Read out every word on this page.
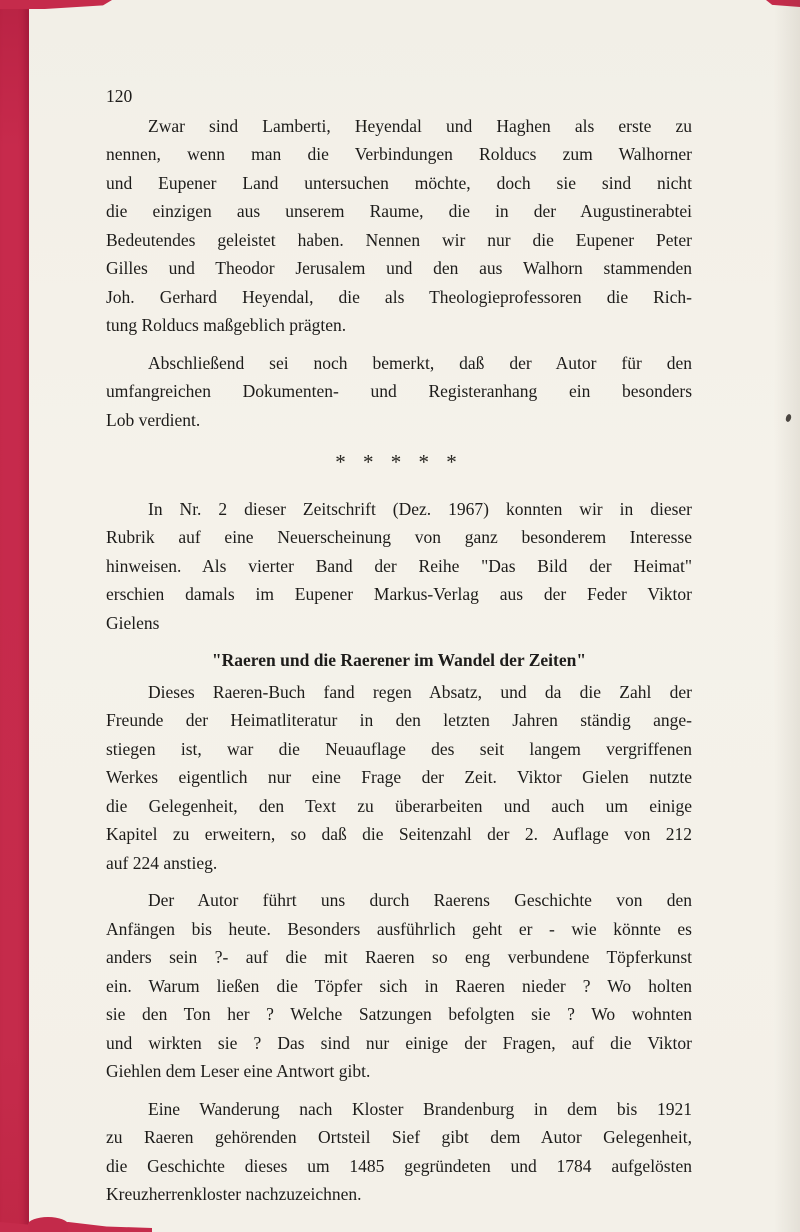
120
Zwar sind Lamberti, Heyendal und Haghen als erste zu
nennen, wenn man die Verbindungen Rolducs zum Walhorner
und Eupener Land untersuchen möchte, doch sie sind nicht
die einzigen aus unserem Raume, die in der Augustinerabtei
Bedeutendes geleistet haben. Nennen wir nur die Eupener Peter
Gilles und Theodor Jerusalem und den aus Walhorn stammenden
Joh. Gerhard Heyendal, die als Theologieprofessoren die Rich-
tung Rolducs maßgeblich prägten.
Abschließend sei noch bemerkt, daß der Autor für den
umfangreichen Dokumenten- und Registeranhang ein besonders
Lob verdient.
* * * * *
In Nr. 2 dieser Zeitschrift (Dez. 1967) konnten wir in dieser
Rubrik auf eine Neuerscheinung von ganz besonderem Interesse
hinweisen. Als vierter Band der Reihe "Das Bild der Heimat"
erschien damals im Eupener Markus-Verlag aus der Feder Viktor
Gielens
"Raeren und die Raerener im Wandel der Zeiten"
Dieses Raeren-Buch fand regen Absatz, und da die Zahl der
Freunde der Heimatliteratur in den letzten Jahren ständig ange-
stiegen ist, war die Neuauflage des seit langem vergriffenen
Werkes eigentlich nur eine Frage der Zeit. Viktor Gielen nutzte
die Gelegenheit, den Text zu überarbeiten und auch um einige
Kapitel zu erweitern, so daß die Seitenzahl der 2. Auflage von 212
auf 224 anstieg.
Der Autor führt uns durch Raerens Geschichte von den
Anfängen bis heute. Besonders ausführlich geht er - wie könnte es
anders sein ?- auf die mit Raeren so eng verbundene Töpferkunst
ein. Warum ließen die Töpfer sich in Raeren nieder ? Wo holten
sie den Ton her ? Welche Satzungen befolgten sie ? Wo wohnten
und wirkten sie ? Das sind nur einige der Fragen, auf die Viktor
Giehlen dem Leser eine Antwort gibt.
Eine Wanderung nach Kloster Brandenburg in dem bis 1921
zu Raeren gehörenden Ortsteil Sief gibt dem Autor Gelegenheit,
die Geschichte dieses um 1485 gegründeten und 1784 aufgelösten
Kreuzherrenkloster nachzuzeichnen.
